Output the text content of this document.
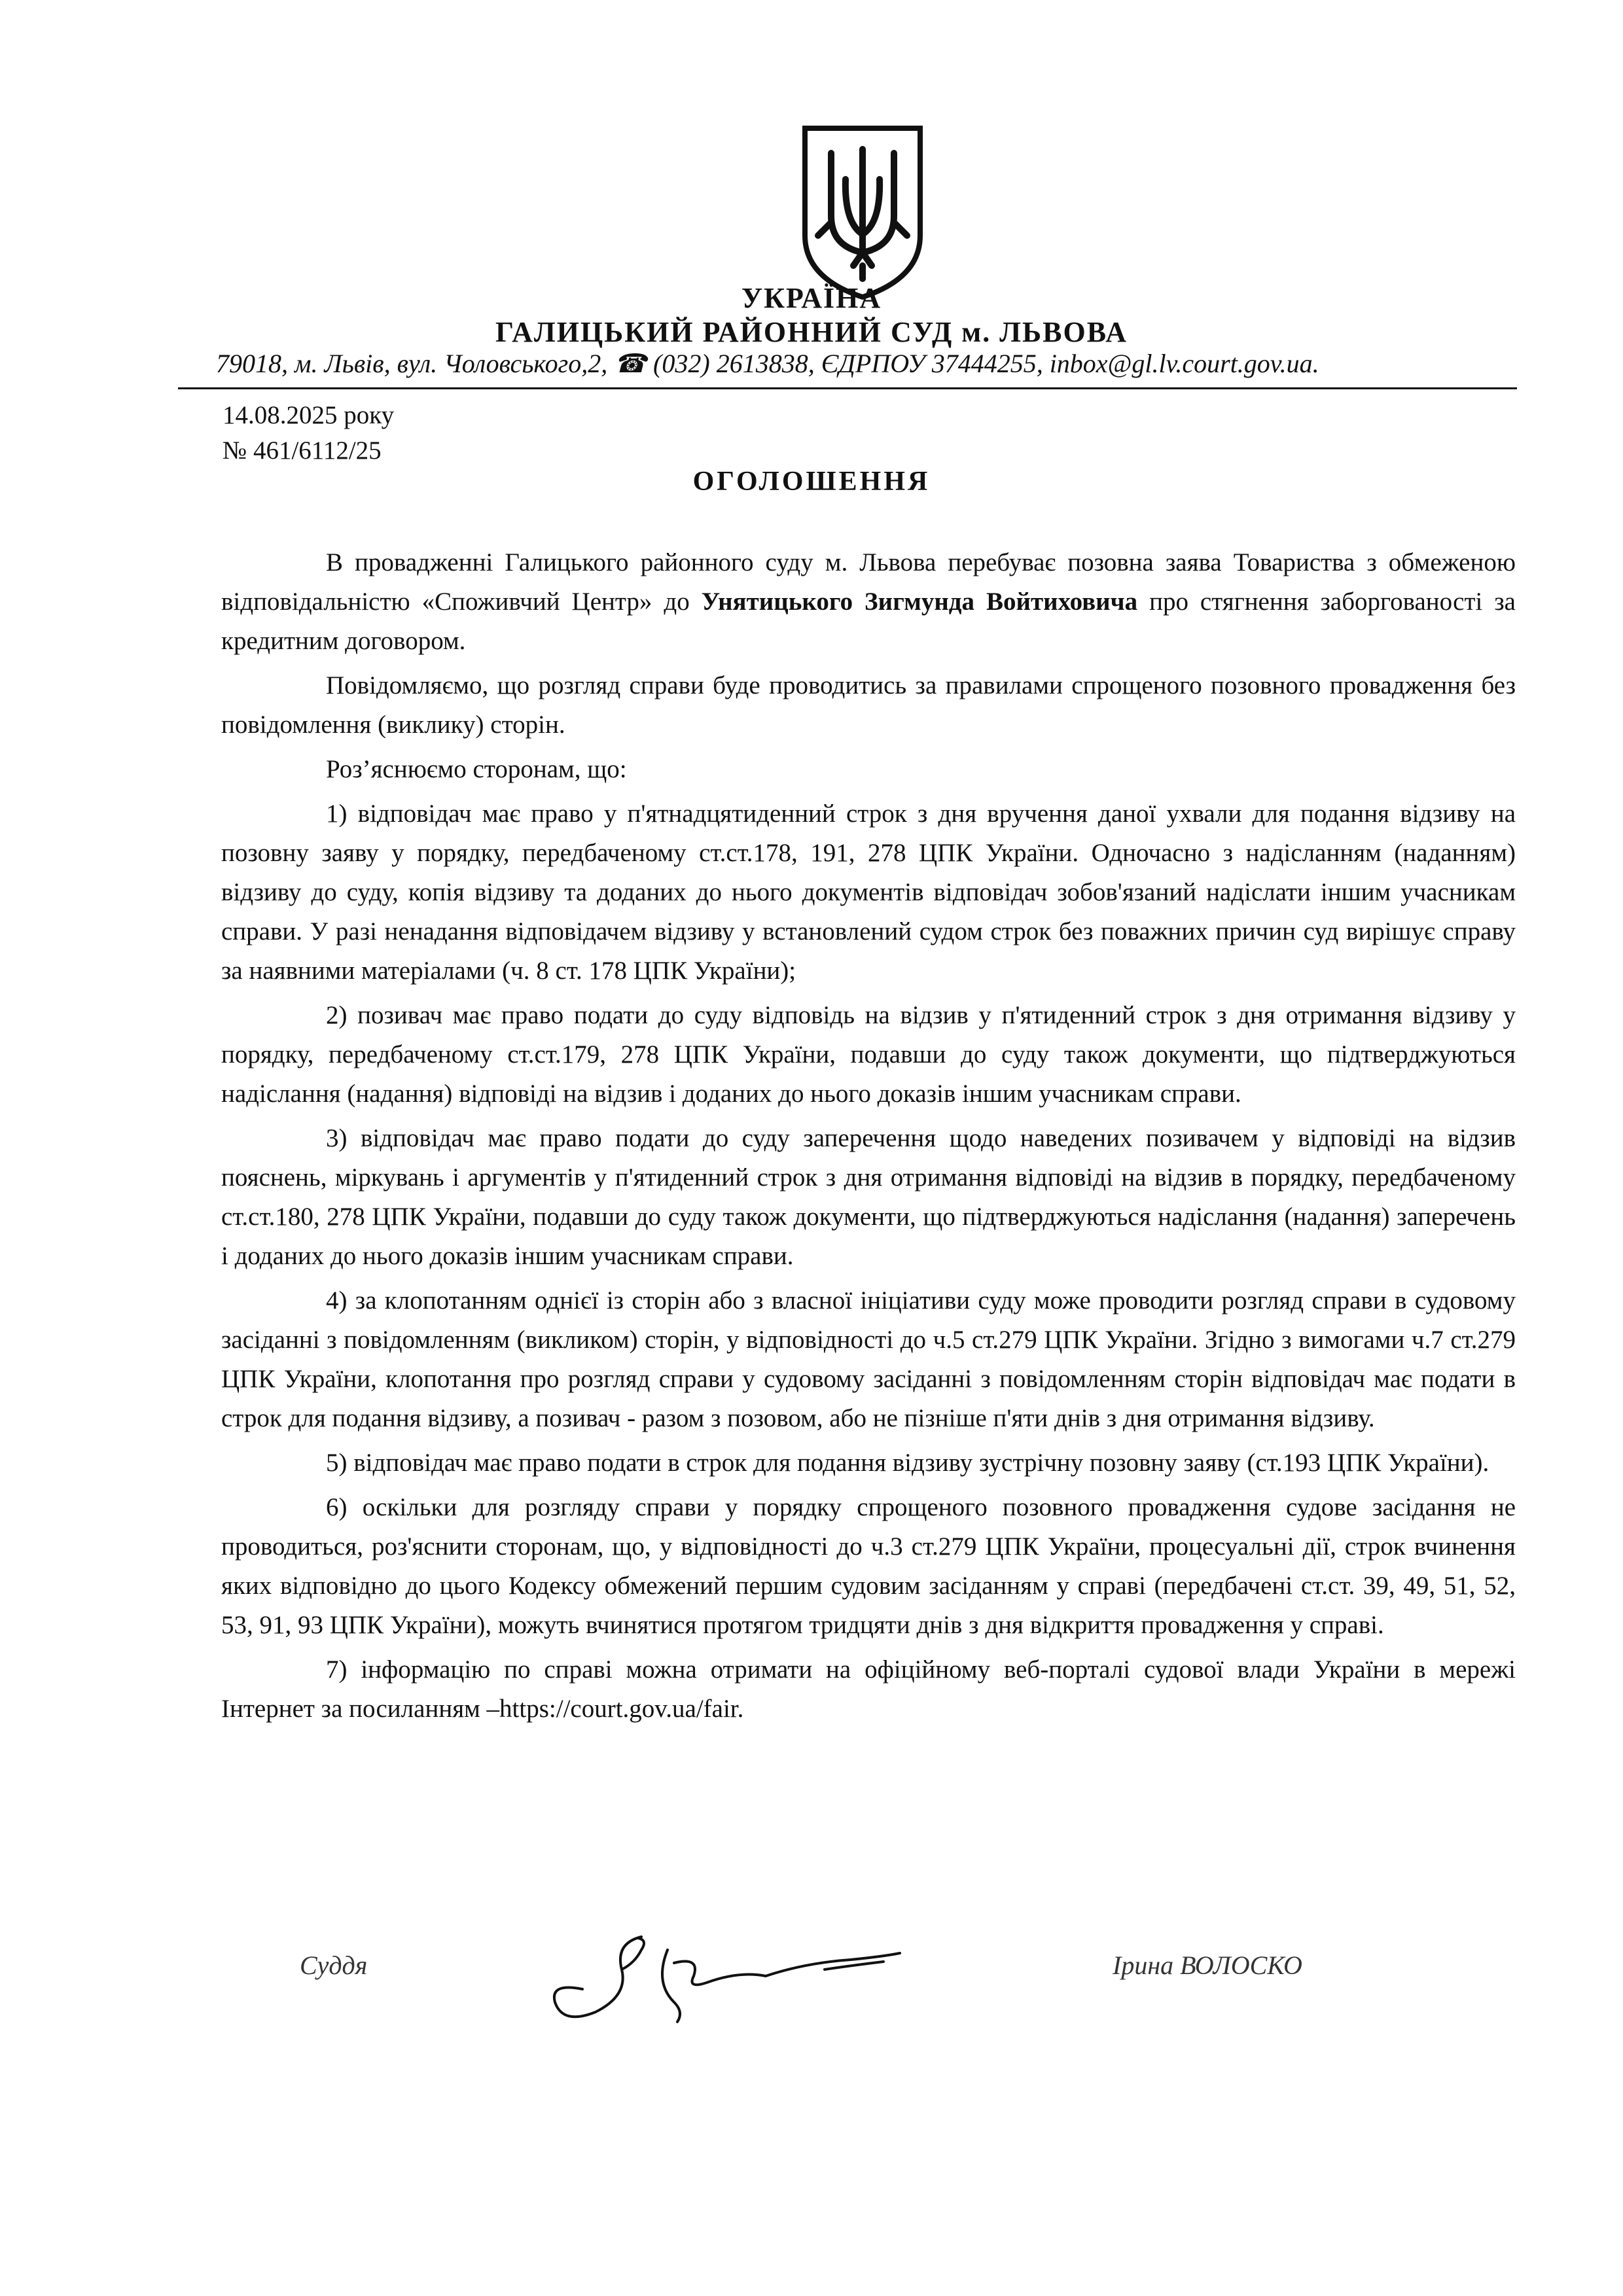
УКРАЇНА
ГАЛИЦЬКИЙ РАЙОННИЙ СУД м. ЛЬВОВА
79018, м. Львів, вул. Чоловського,2, ☎ (032) 2613838, ЄДРПОУ 37444255, inbox@gl.lv.court.gov.ua.
14.08.2025 року
№ 461/6112/25
ОГОЛОШЕННЯ

В провадженні Галицького районного суду м. Львова перебуває позовна заява Товариства з обмеженою відповідальністю «Споживчий Центр» до Унятицького Зигмунда Войтиховича про стягнення заборгованості за кредитним договором.

Повідомляємо, що розгляд справи буде проводитись за правилами спрощеного позовного провадження без повідомлення (виклику) сторін.

Роз’яснюємо сторонам, що:

1) відповідач має право у п'ятнадцятиденний строк з дня вручення даної ухвали для подання відзиву на позовну заяву у порядку, передбаченому ст.ст.178, 191, 278 ЦПК України. Одночасно з надісланням (наданням) відзиву до суду, копія відзиву та доданих до нього документів відповідач зобов'язаний надіслати іншим учасникам справи. У разі ненадання відповідачем відзиву у встановлений судом строк без поважних причин суд вирішує справу за наявними матеріалами (ч. 8 ст. 178 ЦПК України);

2) позивач має право подати до суду відповідь на відзив у п'ятиденний строк з дня отримання відзиву у порядку, передбаченому ст.ст.179, 278 ЦПК України, подавши до суду також документи, що підтверджуються надіслання (надання) відповіді на відзив і доданих до нього доказів іншим учасникам справи.

3) відповідач має право подати до суду заперечення щодо наведених позивачем у відповіді на відзив пояснень, міркувань і аргументів у п'ятиденний строк з дня отримання відповіді на відзив в порядку, передбаченому ст.ст.180, 278 ЦПК України, подавши до суду також документи, що підтверджуються надіслання (надання) заперечень і доданих до нього доказів іншим учасникам справи.

4) за клопотанням однієї із сторін або з власної ініціативи суду може проводити розгляд справи в судовому засіданні з повідомленням (викликом) сторін, у відповідності до ч.5 ст.279 ЦПК України. Згідно з вимогами ч.7 ст.279 ЦПК України, клопотання про розгляд справи у судовому засіданні з повідомленням сторін відповідач має подати в строк для подання відзиву, а позивач - разом з позовом, або не пізніше п'яти днів з дня отримання відзиву.

5) відповідач має право подати в строк для подання відзиву зустрічну позовну заяву (ст.193 ЦПК України).

6) оскільки для розгляду справи у порядку спрощеного позовного провадження судове засідання не проводиться, роз'яснити сторонам, що, у відповідності до ч.3 ст.279 ЦПК України, процесуальні дії, строк вчинення яких відповідно до цього Кодексу обмежений першим судовим засіданням у справі (передбачені ст.ст. 39, 49, 51, 52, 53, 91, 93 ЦПК України), можуть вчинятися протягом тридцяти днів з дня відкриття провадження у справі.

7) інформацію по справі можна отримати на офіційному веб-порталі судової влади України в мережі Інтернет за посиланням –https://court.gov.ua/fair.

Суддя	Ірина ВОЛОСКО
